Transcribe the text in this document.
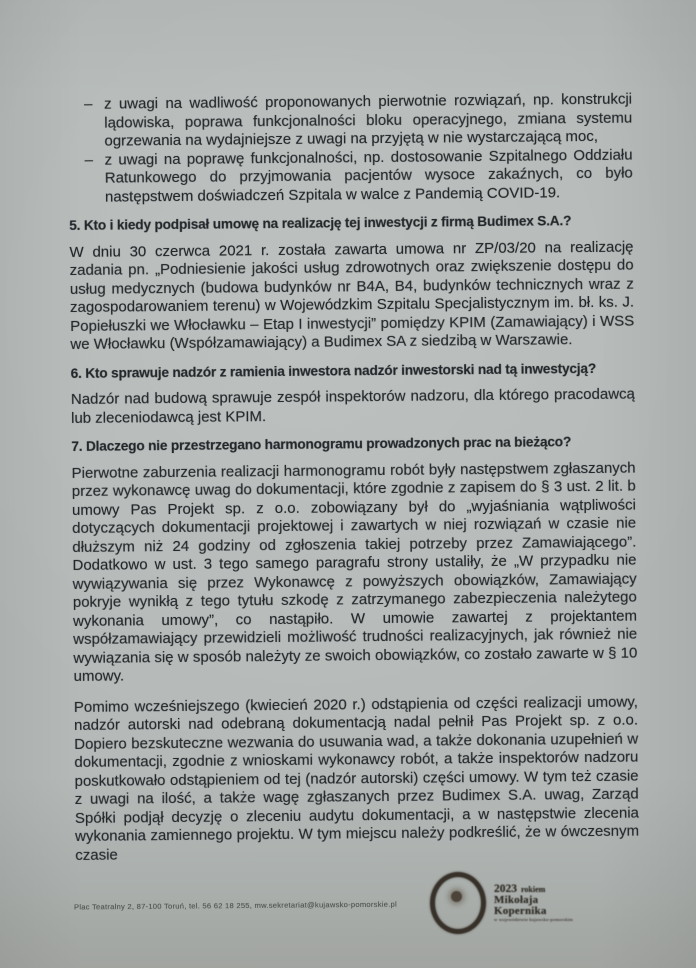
– z uwagi na wadliwość proponowanych pierwotnie rozwiązań, np. konstrukcji lądowiska, poprawa funkcjonalności bloku operacyjnego, zmiana systemu ogrzewania na wydajniejsze z uwagi na przyjętą w nie wystarczającą moc,
– z uwagi na poprawę funkcjonalności, np. dostosowanie Szpitalnego Oddziału Ratunkowego do przyjmowania pacjentów wysoce zakaźnych, co było następstwem doświadczeń Szpitala w walce z Pandemią COVID-19.
5. Kto i kiedy podpisał umowę na realizację tej inwestycji z firmą Budimex S.A.?

W dniu 30 czerwca 2021 r. została zawarta umowa nr ZP/03/20 na realizację zadania pn. „Podniesienie jakości usług zdrowotnych oraz zwiększenie dostępu do usług medycznych (budowa budynków nr B4A, B4, budynków technicznych wraz z zagospodarowaniem terenu) w Wojewódzkim Szpitalu Specjalistycznym im. bł. ks. J. Popiełuszki we Włocławku – Etap I inwestycji” pomiędzy KPIM (Zamawiający) i WSS we Włocławku (Współzamawiający) a Budimex SA z siedzibą w Warszawie.

6. Kto sprawuje nadzór z ramienia inwestora nadzór inwestorski nad tą inwestycją?

Nadzór nad budową sprawuje zespół inspektorów nadzoru, dla którego pracodawcą lub zleceniodawcą jest KPIM.

7. Dlaczego nie przestrzegano harmonogramu prowadzonych prac na bieżąco?

Pierwotne zaburzenia realizacji harmonogramu robót były następstwem zgłaszanych przez wykonawcę uwag do dokumentacji, które zgodnie z zapisem do § 3 ust. 2 lit. b umowy Pas Projekt sp. z o.o. zobowiązany był do „wyjaśniania wątpliwości dotyczących dokumentacji projektowej i zawartych w niej rozwiązań w czasie nie dłuższym niż 24 godziny od zgłoszenia takiej potrzeby przez Zamawiającego”. Dodatkowo w ust. 3 tego samego paragrafu strony ustaliły, że „W przypadku nie wywiązywania się przez Wykonawcę z powyższych obowiązków, Zamawiający pokryje wynikłą z tego tytułu szkodę z zatrzymanego zabezpieczenia należytego wykonania umowy”, co nastąpiło. W umowie zawartej z projektantem współzamawiający przewidzieli możliwość trudności realizacyjnych, jak również nie wywiązania się w sposób należyty ze swoich obowiązków, co zostało zawarte w § 10 umowy.

Pomimo wcześniejszego (kwiecień 2020 r.) odstąpienia od części realizacji umowy, nadzór autorski nad odebraną dokumentacją nadal pełnił Pas Projekt sp. z o.o. Dopiero bezskuteczne wezwania do usuwania wad, a także dokonania uzupełnień w dokumentacji, zgodnie z wnioskami wykonawcy robót, a także inspektorów nadzoru poskutkowało odstąpieniem od tej (nadzór autorski) części umowy. W tym też czasie z uwagi na ilość, a także wagę zgłaszanych przez Budimex S.A. uwag, Zarząd Spółki podjął decyzję o zleceniu audytu dokumentacji, a w następstwie zlecenia wykonania zamiennego projektu. W tym miejscu należy podkreślić, że w ówczesnym czasie

Plac Teatralny 2, 87-100 Toruń, tel. 56 62 18 255, mw.sekretariat@kujawsko-pomorskie.pl
2023 rokiem
Mikołaja Kopernika
w województwie kujawsko-pomorskim
